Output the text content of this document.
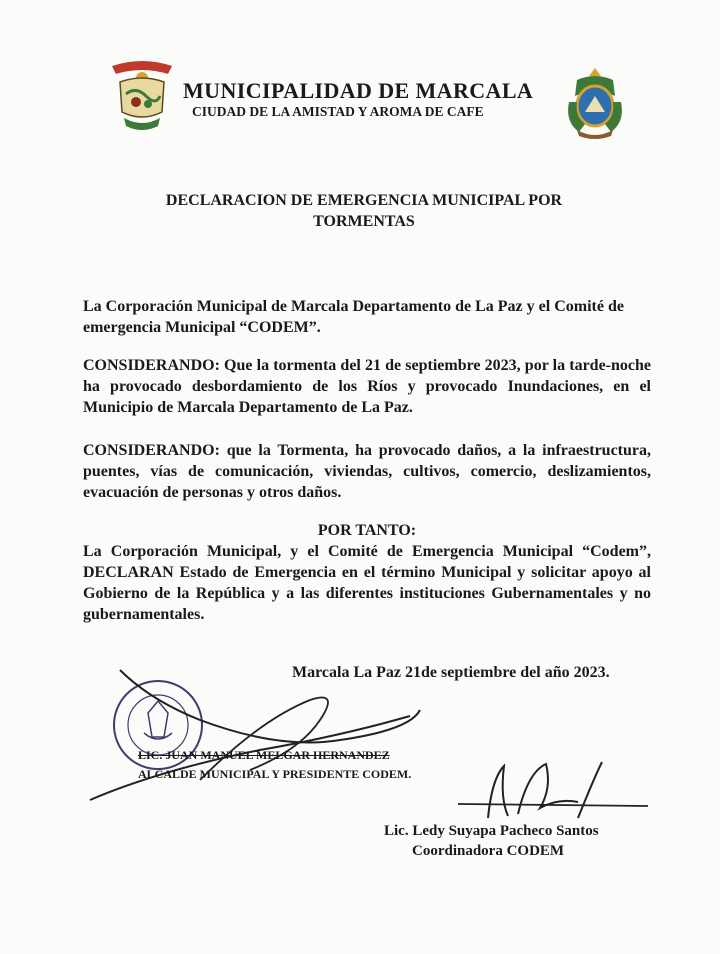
MUNICIPALIDAD DE MARCALA
CIUDAD DE LA AMISTAD Y AROMA DE CAFE
DECLARACION DE EMERGENCIA MUNICIPAL POR
TORMENTAS
La Corporación Municipal de Marcala Departamento de La Paz y el Comité de emergencia Municipal “CODEM”.
CONSIDERANDO: Que la tormenta del 21 de septiembre 2023, por la tarde-noche ha provocado desbordamiento de los Ríos y provocado Inundaciones, en el Municipio de Marcala Departamento de La Paz.
CONSIDERANDO: que la Tormenta, ha provocado daños, a la infraestructura, puentes, vías de comunicación, viviendas, cultivos, comercio, deslizamientos, evacuación de personas y otros daños.
POR TANTO:
La Corporación Municipal, y el Comité de Emergencia Municipal “Codem”, DECLARAN Estado de Emergencia en el término Municipal y solicitar apoyo al Gobierno de la República y a las diferentes instituciones Gubernamentales y no gubernamentales.
Marcala La Paz 21de septiembre del año 2023.
LIC. JUAN MANUEL MELGAR HERNANDEZ
ALCALDE MUNICIPAL Y PRESIDENTE CODEM.
Lic. Ledy Suyapa Pacheco Santos
Coordinadora CODEM
